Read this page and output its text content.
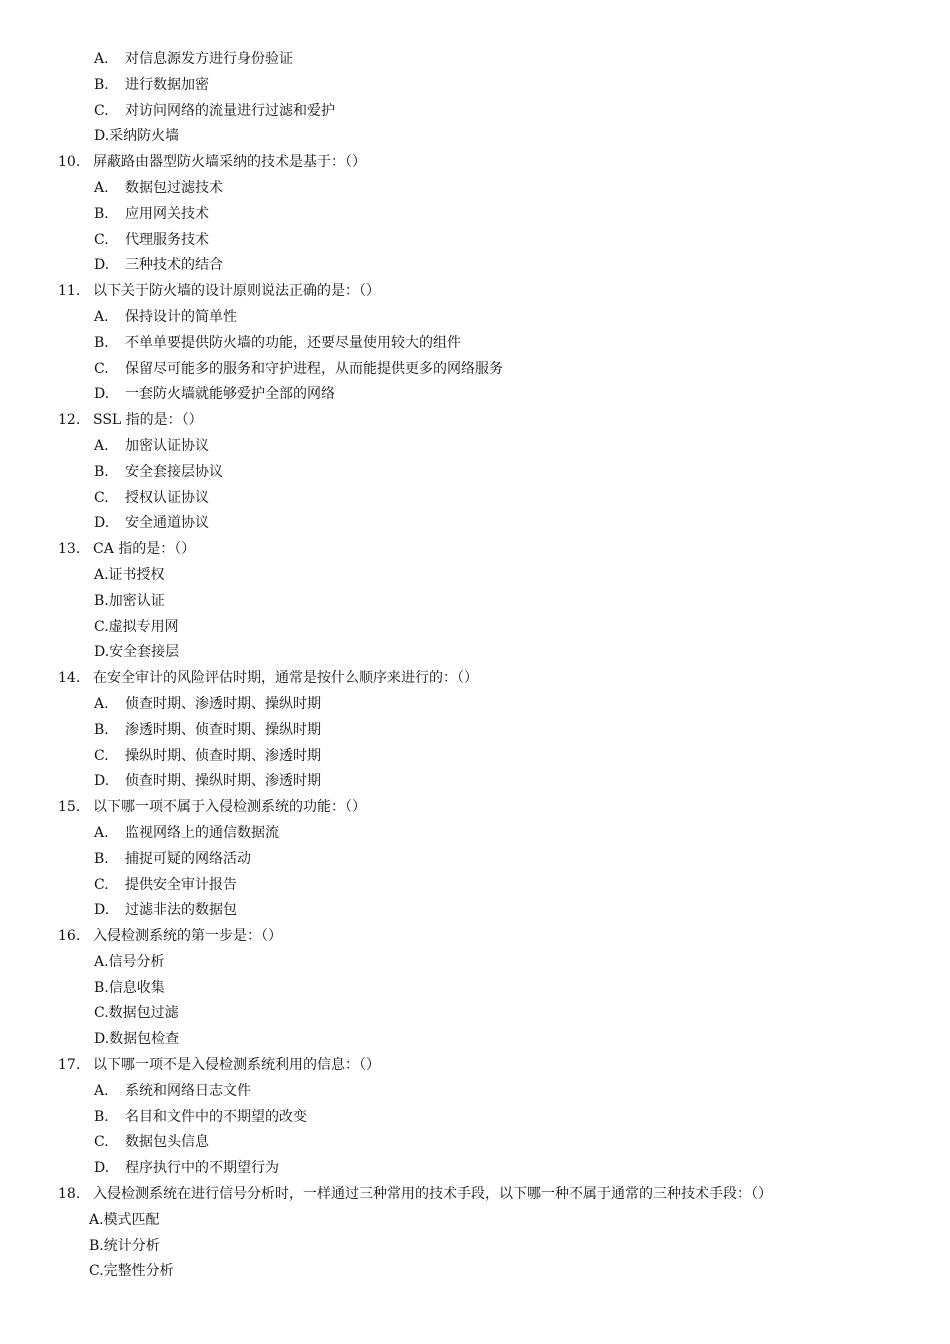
A. 对信息源发方进行身份验证
B. 进行数据加密
C. 对访问网络的流量进行过滤和爱护
D.采纳防火墙
10. 屏蔽路由器型防火墙采纳的技术是基于：（）
A. 数据包过滤技术
B. 应用网关技术
C. 代理服务技术
D. 三种技术的结合
11. 以下关于防火墙的设计原则说法正确的是：（）
A. 保持设计的简单性
B. 不单单要提供防火墙的功能，还要尽量使用较大的组件
C. 保留尽可能多的服务和守护进程，从而能提供更多的网络服务
D. 一套防火墙就能够爱护全部的网络
12. SSL 指的是：（）
A. 加密认证协议
B. 安全套接层协议
C. 授权认证协议
D. 安全通道协议
13. CA 指的是：（）
A.证书授权
B.加密认证
C.虚拟专用网
D.安全套接层
14. 在安全审计的风险评估时期，通常是按什么顺序来进行的：（）
A. 侦查时期、渗透时期、操纵时期
B. 渗透时期、侦查时期、操纵时期
C. 操纵时期、侦查时期、渗透时期
D. 侦查时期、操纵时期、渗透时期
15. 以下哪一项不属于入侵检测系统的功能：（）
A. 监视网络上的通信数据流
B. 捕捉可疑的网络活动
C. 提供安全审计报告
D. 过滤非法的数据包
16. 入侵检测系统的第一步是：（）
A.信号分析
B.信息收集
C.数据包过滤
D.数据包检查
17. 以下哪一项不是入侵检测系统利用的信息：（）
A. 系统和网络日志文件
B. 名目和文件中的不期望的改变
C. 数据包头信息
D. 程序执行中的不期望行为
18. 入侵检测系统在进行信号分析时，一样通过三种常用的技术手段，以下哪一种不属于通常的三种技术手段：（）
A.模式匹配
B.统计分析
C.完整性分析
